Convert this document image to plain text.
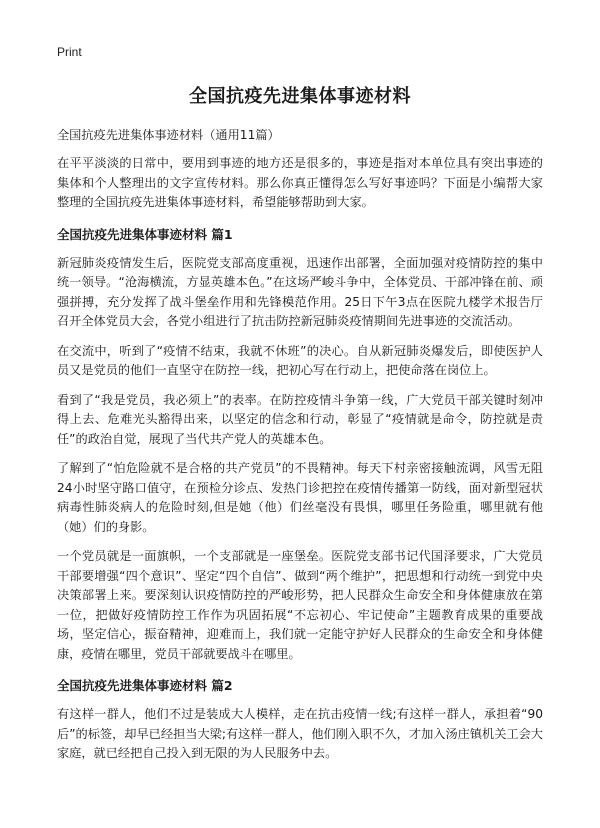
Print
全国抗疫先进集体事迹材料

全国抗疫先进集体事迹材料（通用11篇）

在平平淡淡的日常中，要用到事迹的地方还是很多的，事迹是指对本单位具有突出事迹的集体和个人整理出的文字宣传材料。那么你真正懂得怎么写好事迹吗？下面是小编帮大家整理的全国抗疫先进集体事迹材料，希望能够帮助到大家。

全国抗疫先进集体事迹材料 篇1

新冠肺炎疫情发生后，医院党支部高度重视，迅速作出部署，全面加强对疫情防控的集中统一领导。“沧海横流，方显英雄本色。”在这场严峻斗争中，全体党员、干部冲锋在前、顽强拼搏，充分发挥了战斗堡垒作用和先锋模范作用。25日下午3点在医院九楼学术报告厅召开全体党员大会，各党小组进行了抗击防控新冠肺炎疫情期间先进事迹的交流活动。

在交流中，听到了“疫情不结束，我就不休班”的决心。自从新冠肺炎爆发后，即使医护人员又是党员的他们一直坚守在防控一线，把初心写在行动上，把使命落在岗位上。

看到了“我是党员，我必须上”的表率。在防控疫情斗争第一线，广大党员干部关键时刻冲得上去、危难光头豁得出来，以坚定的信念和行动，彰显了“疫情就是命令，防控就是责任”的政治自觉，展现了当代共产党人的英雄本色。

了解到了“怕危险就不是合格的共产党员”的不畏精神。每天下村亲密接触流调，风雪无阻24小时坚守路口值守，在预检分诊点、发热门诊把控在疫情传播第一防线，面对新型冠状病毒性肺炎病人的危险时刻,但是她（他）们丝毫没有畏惧，哪里任务险重，哪里就有他（她）们的身影。

一个党员就是一面旗帜，一个支部就是一座堡垒。医院党支部书记代国泽要求，广大党员干部要增强“四个意识”、坚定“四个自信”、做到“两个维护”，把思想和行动统一到党中央决策部署上来。要深刻认识疫情防控的严峻形势，把人民群众生命安全和身体健康放在第一位，把做好疫情防控工作作为巩固拓展“不忘初心、牢记使命”主题教育成果的重要战场，坚定信心，振奋精神，迎难而上，我们就一定能守护好人民群众的生命安全和身体健康，疫情在哪里，党员干部就要战斗在哪里。

全国抗疫先进集体事迹材料 篇2

有这样一群人，他们不过是装成大人模样，走在抗击疫情一线;有这样一群人，承担着“90后”的标签，却早已经担当大梁;有这样一群人，他们刚入职不久，才加入汤庄镇机关工会大家庭，就已经把自己投入到无限的为人民服务中去。
